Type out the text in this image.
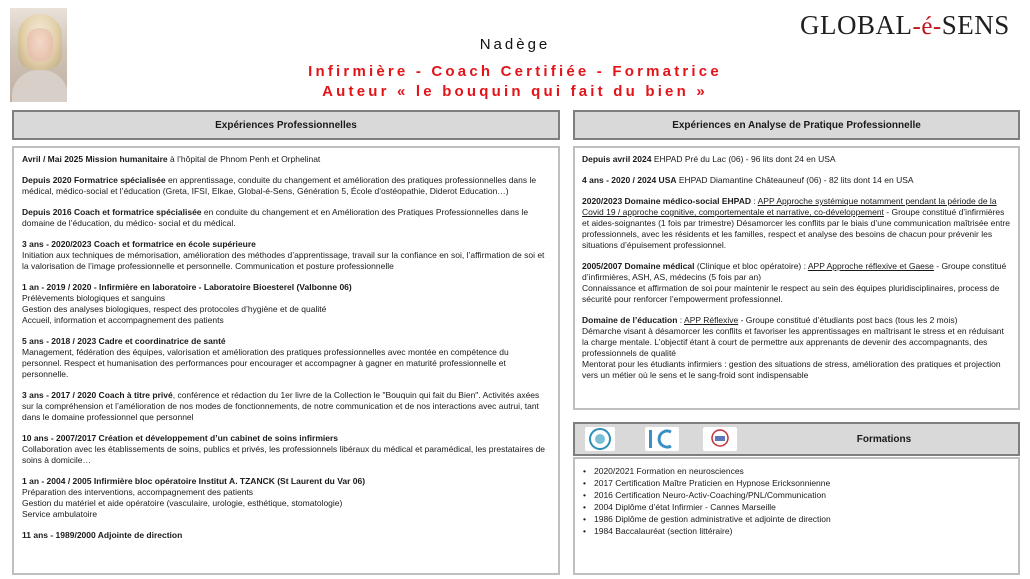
GLOBAL-é-SENS
Nadège
Infirmière - Coach Certifiée - Formatrice
Auteur « le bouquin qui fait du bien »
Expériences Professionnelles	Expériences en Analyse de Pratique Professionnelle
Avril / Mai 2025 Mission humanitaire à l’hôpital de Phnom Penh et Orphelinat
Depuis 2020 Formatrice spécialisée en apprentissage, conduite du changement et amélioration des pratiques professionnelles dans le médical, médico-social et l’éducation (Greta, IFSI, Elkae, Global-é-Sens, Génération 5, École d’ostéopathie, Diderot Education…)
Depuis 2016 Coach et formatrice spécialisée en conduite du changement et en Amélioration des Pratiques Professionnelles dans le domaine de l’éducation, du médico- social et du médical.
3 ans - 2020/2023 Coach et formatrice en école supérieure
Initiation aux techniques de mémorisation, amélioration des méthodes d’apprentissage, travail sur la confiance en soi, l’affirmation de soi et la valorisation de l’image professionnelle et personnelle. Communication et posture professionnelle
1 an - 2019 / 2020 - Infirmière en laboratoire - Laboratoire Bioesterel (Valbonne 06)
Prélèvements biologiques et sanguins
Gestion des analyses biologiques, respect des protocoles d’hygiène et de qualité
Accueil, information et accompagnement des patients
5 ans - 2018 / 2023 Cadre et coordinatrice de santé
Management, fédération des équipes, valorisation et amélioration des pratiques professionnelles avec montée en compétence du personnel. Respect et humanisation des performances pour encourager et accompagner à gagner en maturité professionnelle et personnelle.
3 ans - 2017 / 2020 Coach à titre privé, conférence et rédaction du 1er livre de la Collection le "Bouquin qui fait du Bien". Activités axées sur la compréhension et l’amélioration de nos modes de fonctionnements, de notre communication et de nos interactions avec autrui, tant dans le domaine professionnel que personnel
10 ans - 2007/2017 Création et développement d’un cabinet de soins infirmiers
Collaboration avec les établissements de soins, publics et privés, les professionnels libéraux du médical et paramédical, les prestataires de soins à domicile…
1 an - 2004 / 2005 Infirmière bloc opératoire Institut A. TZANCK (St Laurent du Var 06)
Préparation des interventions, accompagnement des patients
Gestion du matériel et aide opératoire (vasculaire, urologie, esthétique, stomatologie)
Service ambulatoire
11 ans - 1989/2000 Adjointe de direction
Depuis avril 2024 EHPAD Pré du Lac (06) - 96 lits dont 24 en USA
4 ans - 2020 / 2024 USA EHPAD Diamantine Châteauneuf (06) - 82 lits dont 14 en USA
2020/2023 Domaine médico-social EHPAD : APP Approche systémique notamment pendant la période de la Covid 19 / approche cognitive, comportementale et narrative, co-développement - Groupe constitué d’infirmières et aides-soignantes (1 fois par trimestre) Désamorcer les conflits par le biais d’une communication maîtrisée entre professionnels, avec les résidents et les familles, respect et analyse des besoins de chacun pour prévenir les situations d’épuisement professionnel.
2005/2007 Domaine médical (Clinique et bloc opératoire) : APP Approche réflexive et Gaese - Groupe constitué d’infirmières, ASH, AS, médecins (5 fois par an)
Connaissance et affirmation de soi pour maintenir le respect au sein des équipes pluridisciplinaires, process de sécurité pour renforcer l’empowerment professionnel.
Domaine de l’éducation : APP Réflexive - Groupe constitué d’étudiants post bacs (tous les 2 mois)
Démarche visant à désamorcer les conflits et favoriser les apprentissages en maîtrisant le stress et en réduisant la charge mentale. L’objectif étant à court de permettre aux apprenants de devenir des accompagnants, des professionnels de qualité
Mentorat pour les étudiants infirmiers : gestion des situations de stress, amélioration des pratiques et projection vers un métier où le sens et le sang-froid sont indispensable
Formations
• 2020/2021 Formation en neurosciences
• 2017 Certification Maître Praticien en Hypnose Ericksonnienne
• 2016 Certification Neuro-Activ-Coaching/PNL/Communication
• 2004 Diplôme d’état Infirmier - Cannes Marseille
• 1986 Diplôme de gestion administrative et adjointe de direction
• 1984 Baccalauréat (section littéraire)
